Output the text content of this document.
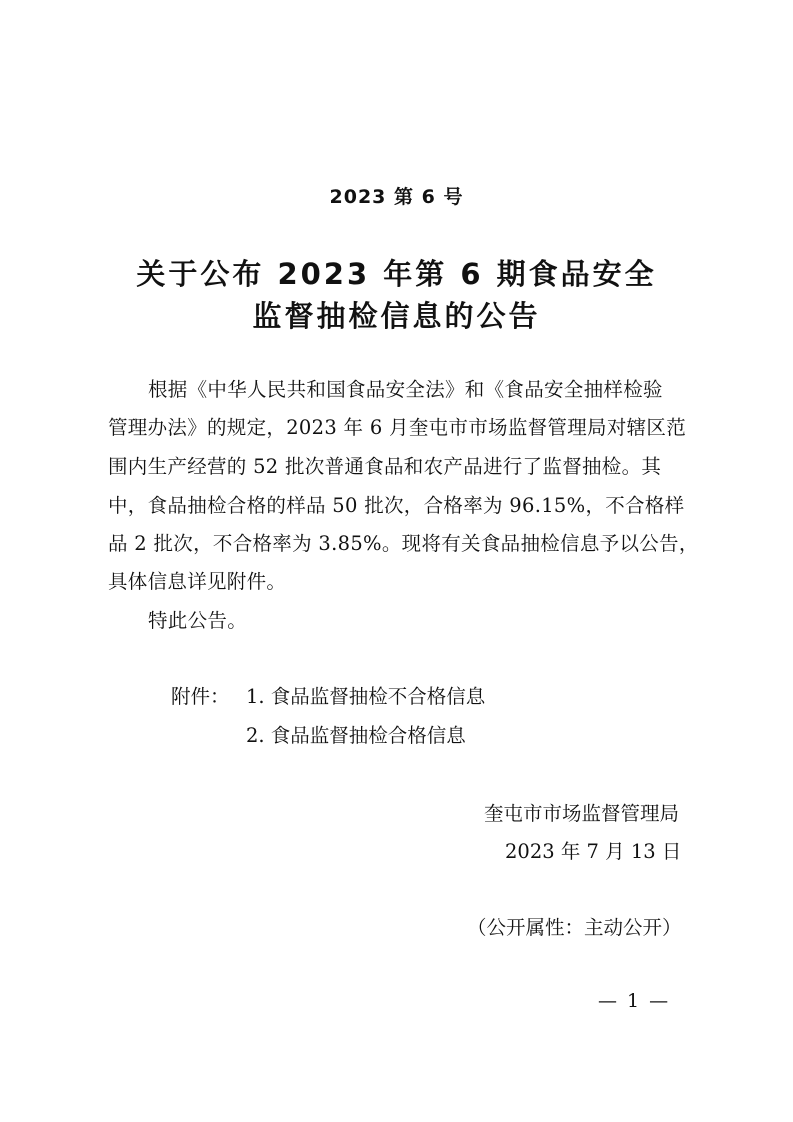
2023 第 6 号
关于公布 2023 年第 6 期食品安全
监督抽检信息的公告
根据《中华人民共和国食品安全法》和《食品安全抽样检验
管理办法》的规定，2023 年 6 月奎屯市市场监督管理局对辖区范
围内生产经营的 52 批次普通食品和农产品进行了监督抽检。其
中，食品抽检合格的样品 50 批次，合格率为 96.15%，不合格样
品 2 批次，不合格率为 3.85%。现将有关食品抽检信息予以公告，
具体信息详见附件。
特此公告。
附件： 1. 食品监督抽检不合格信息
2. 食品监督抽检合格信息
奎屯市市场监督管理局
2023 年 7 月 13 日
（公开属性：主动公开）
— 1 —
